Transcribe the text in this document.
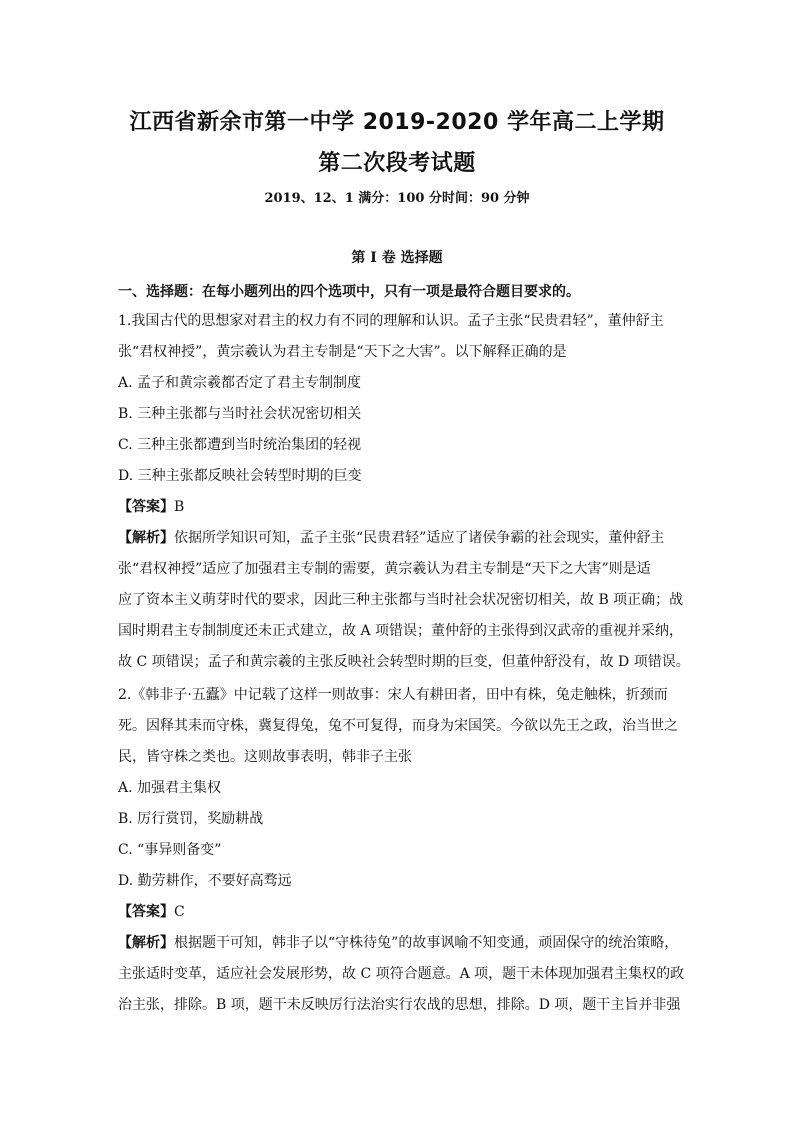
江西省新余市第一中学 2019-2020 学年高二上学期
第二次段考试题
2019、12、1 满分：100 分时间：90 分钟
第 I 卷 选择题
一、选择题：在每小题列出的四个选项中，只有一项是最符合题目要求的。

1.我国古代的思想家对君主的权力有不同的理解和认识。孟子主张“民贵君轻”，董仲舒主

张“君权神授”，黄宗羲认为君主专制是“天下之大害”。以下解释正确的是

A. 孟子和黄宗羲都否定了君主专制制度

B. 三种主张都与当时社会状况密切相关

C. 三种主张都遭到当时统治集团的轻视

D. 三种主张都反映社会转型时期的巨变

【答案】B

【解析】依据所学知识可知，孟子主张“民贵君轻”适应了诸侯争霸的社会现实，董仲舒主

张“君权神授”适应了加强君主专制的需要，黄宗羲认为君主专制是“天下之大害”则是适

应了资本主义萌芽时代的要求，因此三种主张都与当时社会状况密切相关，故 B 项正确；战

国时期君主专制制度还未正式建立，故 A 项错误；董仲舒的主张得到汉武帝的重视并采纳，

故 C 项错误；孟子和黄宗羲的主张反映社会转型时期的巨变，但董仲舒没有，故 D 项错误。

2.《韩非子·五蠹》中记载了这样一则故事：宋人有耕田者，田中有株，兔走触株，折颈而

死。因释其耒而守株，冀复得兔，兔不可复得，而身为宋国笑。今欲以先王之政，治当世之

民，皆守株之类也。这则故事表明，韩非子主张

A. 加强君主集权

B. 厉行赏罚，奖励耕战

C. “事异则备变”

D. 勤劳耕作，不要好高骛远

【答案】C

【解析】根据题干可知，韩非子以“守株待兔”的故事讽喻不知变通，顽固保守的统治策略，

主张适时变革，适应社会发展形势，故 C 项符合题意。A 项，题干未体现加强君主集权的政

治主张，排除。B 项，题干未反映厉行法治实行农战的思想，排除。D 项，题干主旨并非强
